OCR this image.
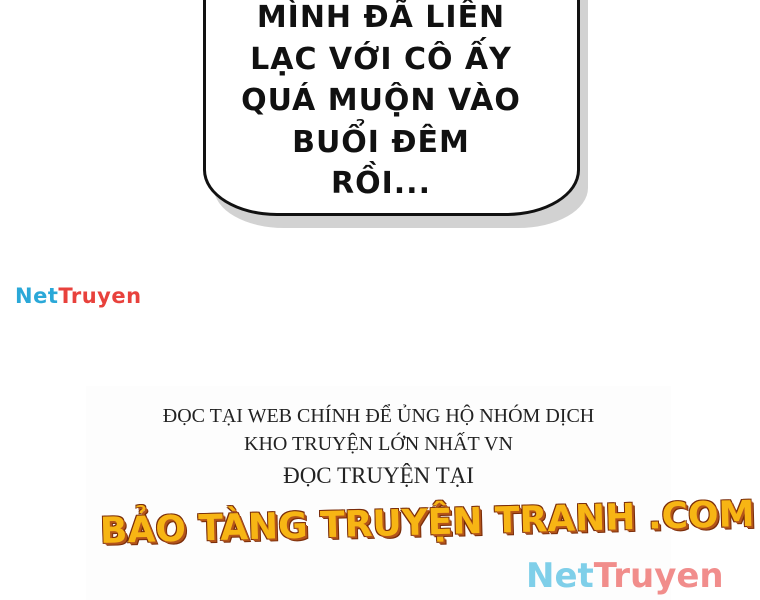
MÌNH ĐÃ LIÊN
LẠC VỚI CÔ ẤY
QUÁ MUỘN VÀO
BUỔI ĐÊM
RỒI...
NetTruyen
ĐỌC TẠI WEB CHÍNH ĐỂ ỦNG HỘ NHÓM DỊCH
KHO TRUYỆN LỚN NHẤT VN
ĐỌC TRUYỆN TẠI
BẢO TÀNG TRUYỆN TRANH .COM
NetTruyen
